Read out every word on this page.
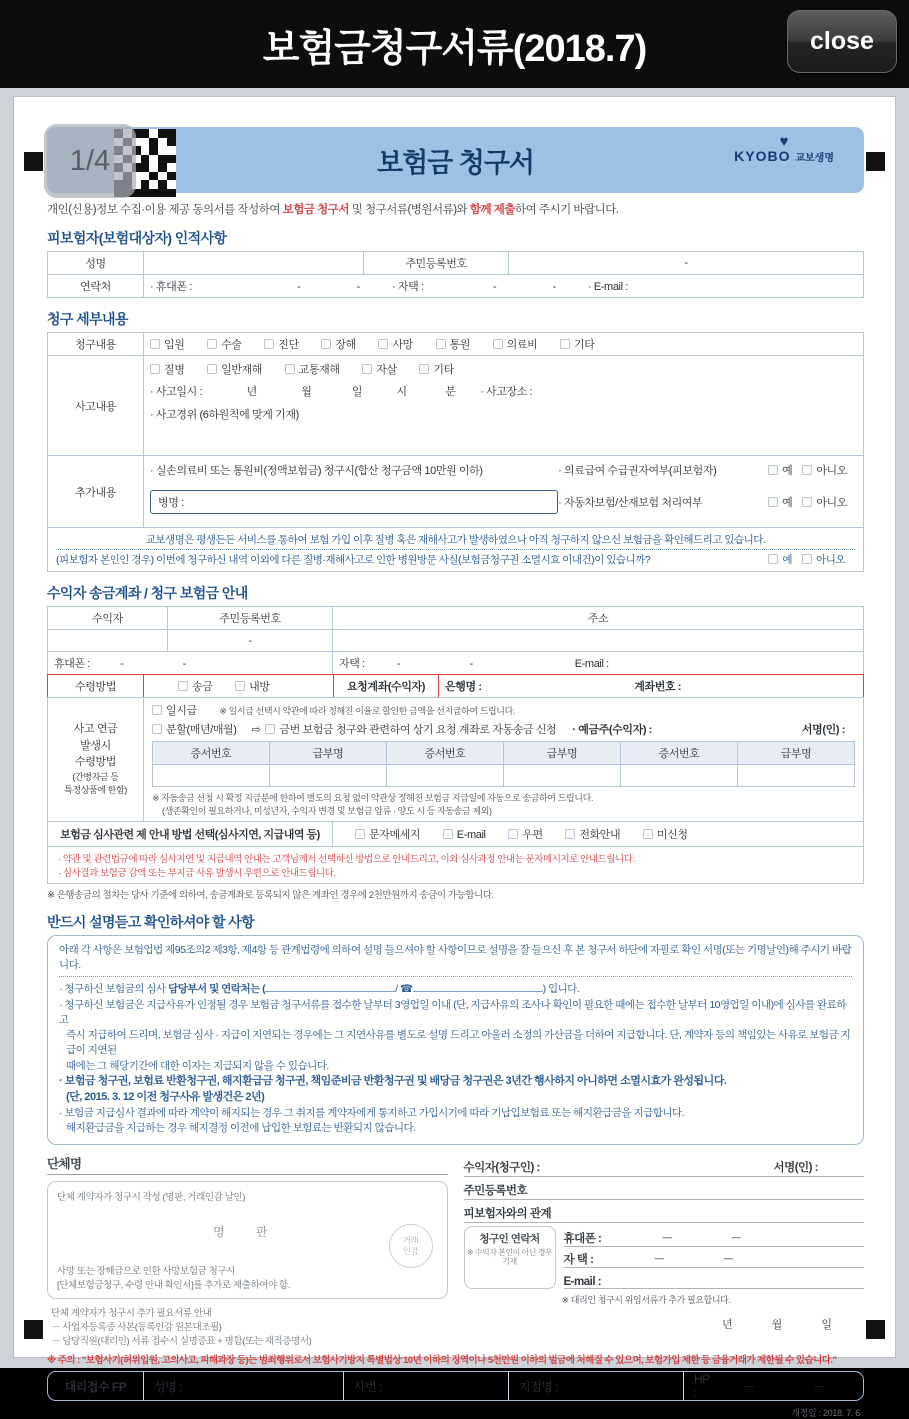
보험금청구서류(2018.7)	close
1/4	보험금 청구서
♥
KYOBO 교보생명
개인(신용)정보 수집·이용 제공 동의서를 작성하여 보험금 청구서 및 청구서류(병원서류)와 함께 제출하여 주시기 바랍니다.
피보험자(보험대상자) 인적사항
성명		주민등록번호	-
연락처	· 휴대폰 : - - · 자택 : - - · E-mail :		
청구 세부내용
청구내용	입원 수술 진단 장해 사망 통원 의료비 기타
사고내용	질병 일반재해 교통재해 자살 기타
· 사고일시 : 년 월 일 시 분 · 사고장소 :
· 사고경위 (6하원칙에 맞게 기재)

추가내용	
· 실손의료비 또는 통원비(정액보험금) 청구시(합산 청구금액 10만원 이하)	· 의료급여 수급권자여부(피보험자)	예	아니오
병명 :	· 자동차보험/산재보험 처리여부	예	아니오

교보생명은 평생든든 서비스를 통하여 보험 가입 이후 질병 혹은 재해사고가 발생하였으나 아직 청구하지 않으신 보험금을 확인해드리고 있습니다.
(피보험자 본인인 경우) 이번에 청구하신 내역 이외에 다른 질병·재해사고로 인한 병원방문 사실(보험금청구권 소멸시효 이내건)이 있습니까? 예 아니오	
수익자 송금계좌 / 청구 보험금 안내
수익자	주민등록번호	주소
	-	
휴대폰 : - -		자택 : - - E-mail :
수령방법	송금	내방	요청계좌(수익자)	은행명 :	계좌번호 :
사고 연금
발생시
수령방법
(간병자금 등
특정상품에 한함)

일시급	※ 일시급 선택시 약관에 따라 정해진 이율로 할인한 금액을 선지급하여 드립니다.
분할(매년/매월) ⇨	금번 보험금 청구와 관련하여 상기 요청 계좌로 자동송금 신청 · 예금주(수익자) :	서명(인) :
증서번호	급부명	증서번호	급부명	증서번호	급부명

※ 자동송금 신청 시 확정 지급분에 한하여 별도의 요청 없이 약관상 정해진 보험금 지급일에 자동으로 송금하여 드립니다.
(생존확인이 필요하거나, 미성년자, 수익자 변경 및 보험금 압류 · 양도 시 등 자동송금 제외)

보험금 심사관련 제 안내 방법 선택(심사지연, 지급내역 등)	문자메세지	E-mail	우편	전화안내	미신청

· 약관 및 관련법규에 따라 심사지연 및 지급내역 안내는 고객님께서 선택하신 방법으로 안내드리고, 이외 심사과정 안내는 문자메시지로 안내드립니다.
· 심사결과 보험금 감액 또는 부지급 사유 발생시 우편으로 안내드립니다.
※ 은행송금의 절차는 당사 기준에 의하여, 송금계좌로 등록되지 않은 계좌인 경우에 2천만원까지 송금이 가능합니다.
반드시 설명듣고 확인하셔야 할 사항
아래 각 사항은 보험업법 제95조의2 제3항, 제4항 등 관계법령에 의하여 설명 들으셔야 할 사항이므로 설명을 잘 들으신 후 본 청구서 하단에 자필로 확인 서명(또는 기명날인)해 주시기 바랍니다.
· 청구하신 보험금의 심사 담당부서 및 연락처는 (	/ ☎	) 입니다.
· 청구하신 보험금은 지급사유가 인정될 경우 보험금 청구서류를 접수한 날부터 3영업일 이내 (단, 지급사유의 조사나 확인이 필요한 때에는 접수한 날부터 10영업일 이내)에 심사를 완료하고
즉시 지급하여 드리며, 보험금 심사 · 지급이 지연되는 경우에는 그 지연사유를 별도로 설명 드리고 아울러 소정의 가산금을 더하여 지급합니다. 단, 계약자 등의 책임있는 사유로 보험금 지급이 지연된
때에는 그 해당기간에 대한 이자는 지급되지 않을 수 있습니다.
· 보험금 청구권, 보험료 반환청구권, 해지환급금 청구권, 책임준비금 반환청구권 및 배당금 청구권은 3년간 행사하지 아니하면 소멸시효가 완성됩니다.
(단, 2015. 3. 12 이전 청구사유 발생건은 2년)
· 보험금 지급심사 결과에 따라 계약이 해지되는 경우 그 취지를 계약자에게 통지하고 가입시기에 따라 기납입보험료 또는 해지환급금을 지급합니다.
해지환급금을 지급하는 경우 해지결정 이전에 납입한 보험료는 반환되지 않습니다.
단체명
단체 계약자가 청구시 작성 (명판, 거래인감 날인)
명 판
거래
인감
사망 또는 장해급으로 인한 사망보험금 청구시
[단체보험금청구, 수령 안내 확인서]를 추가로 제출하여야 함.
단체 계약자가 청구시 추가 필요서류 안내
－ 사업자등록증 사본(등록인감 원본대조필)
－ 담당직원(대리인) 서류 접수시 실명증표 + 명함(또는 재직증명서)
수익자(청구인) :	서명(인) :
주민등록번호
피보험자와의 관계
청구인 연락처
※ 수익자 본인이 아닌 경우 기재
휴대폰 :	－	－
자 택 :	－	－
E-mail :
※ 대리인 청구시 위임서류가 추가 필요합니다.
년 월 일
※ 주의 : "보험사기(허위입원, 고의사고, 피해과장 등)는 범죄행위로서 보험사기방지 특별법상 10년 이하의 징역이나 5천만원 이하의 벌금에 처해질 수 있으며, 보험가입 제한 등 금융거래가 제한될 수 있습니다."
대리접수 FP	성명 :	사번 :	지점명 :
HP :	－	－
개정일 : 2018. 7. 6
